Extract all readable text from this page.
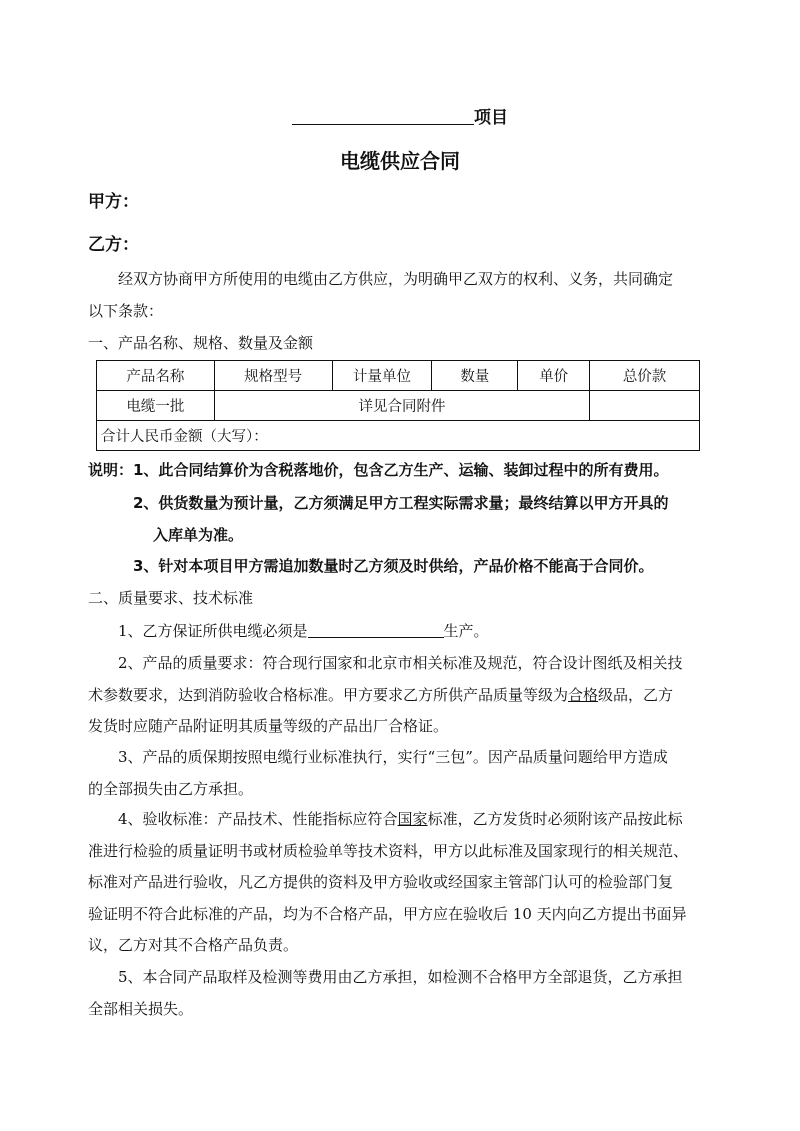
项目
电缆供应合同
甲方：
乙方：
经双方协商甲方所使用的电缆由乙方供应，为明确甲乙双方的权利、义务，共同确定
以下条款：
一、产品名称、规格、数量及金额
产品名称	规格型号	计量单位	数量	单价	总价款
电缆一批	详见合同附件				
合计人民币金额（大写）：					
说明：1、此合同结算价为含税落地价，包含乙方生产、运输、装卸过程中的所有费用。
2、供货数量为预计量，乙方须满足甲方工程实际需求量；最终结算以甲方开具的
入库单为准。
3、针对本项目甲方需追加数量时乙方须及时供给，产品价格不能高于合同价。
二、质量要求、技术标准
1、乙方保证所供电缆必须是	生产。
2、产品的质量要求：符合现行国家和北京市相关标准及规范，符合设计图纸及相关技
术参数要求，达到消防验收合格标准。甲方要求乙方所供产品质量等级为合格级品，乙方
发货时应随产品附证明其质量等级的产品出厂合格证。
3、产品的质保期按照电缆行业标准执行，实行“三包”。因产品质量问题给甲方造成
的全部损失由乙方承担。
4、验收标准：产品技术、性能指标应符合国家标准，乙方发货时必须附该产品按此标
准进行检验的质量证明书或材质检验单等技术资料，甲方以此标准及国家现行的相关规范、
标准对产品进行验收，凡乙方提供的资料及甲方验收或经国家主管部门认可的检验部门复
验证明不符合此标准的产品，均为不合格产品，甲方应在验收后 10 天内向乙方提出书面异
议，乙方对其不合格产品负责。
5、本合同产品取样及检测等费用由乙方承担，如检测不合格甲方全部退货，乙方承担
全部相关损失。
